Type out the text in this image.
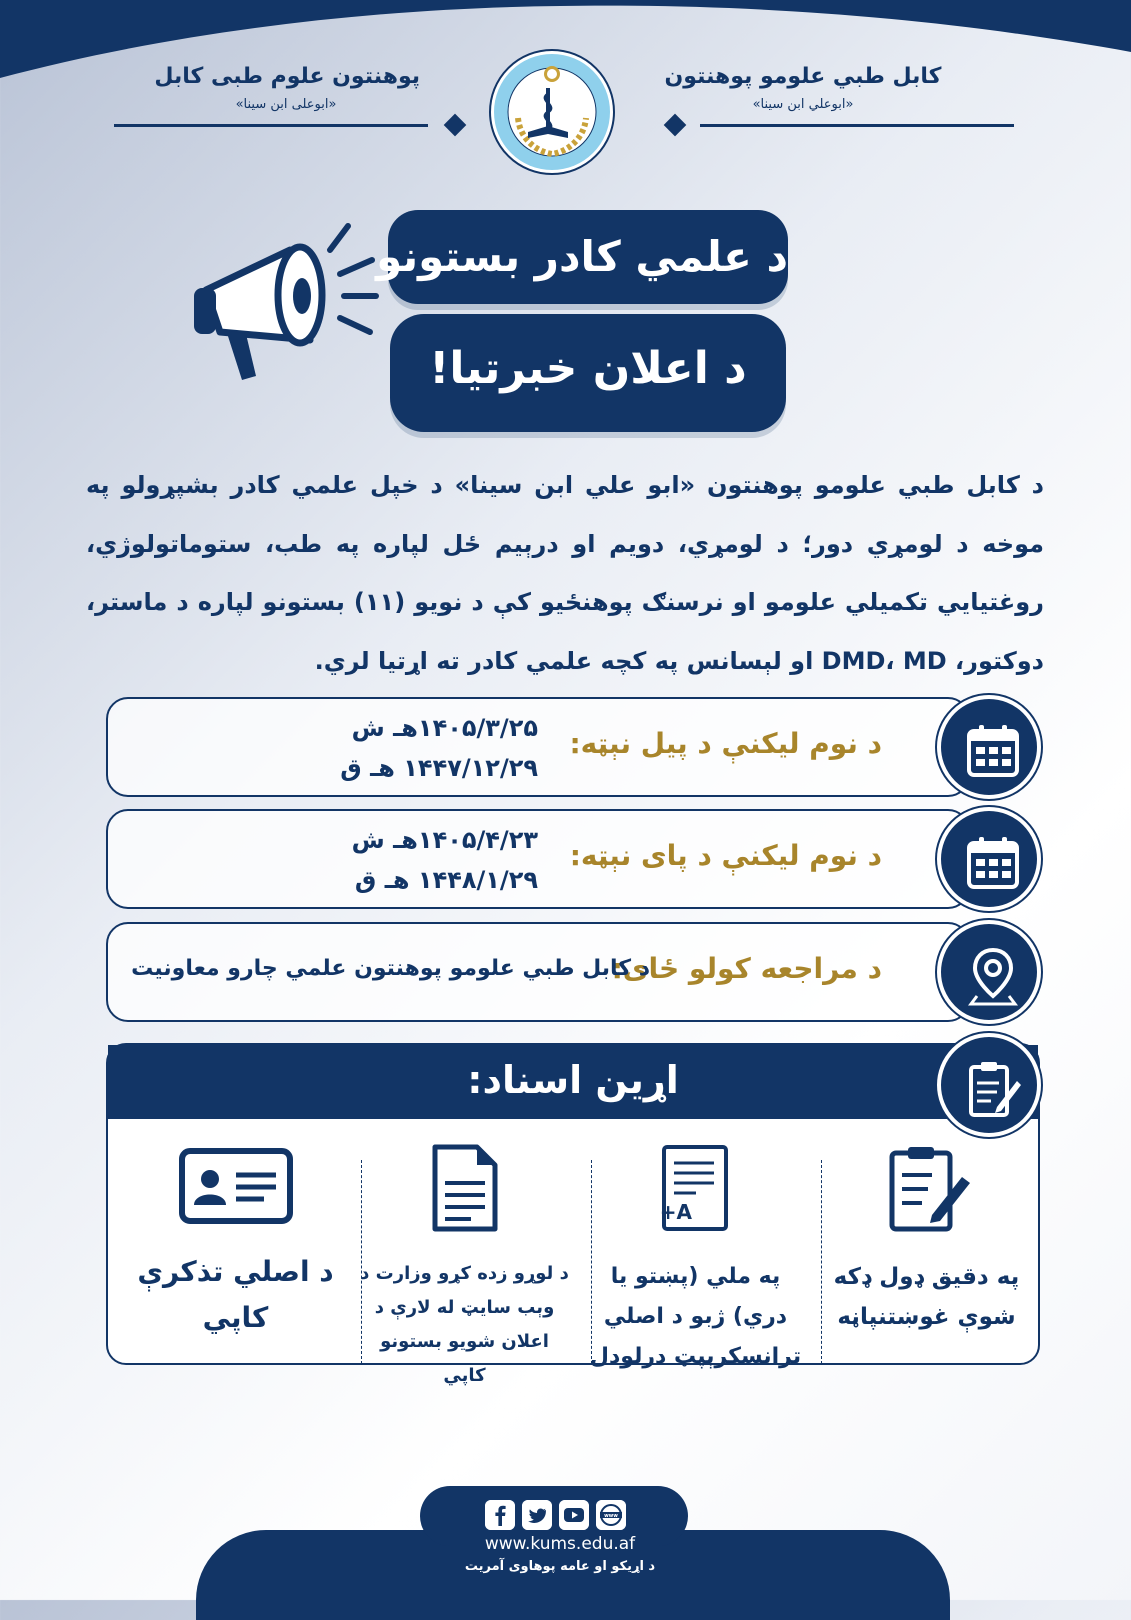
کابل طبي علومو پوهنتون
«ابوعلي ابن سينا»
پوهنتون علوم طبی کابل
«ابوعلی ابن سینا»
د علمي کادر بستونو
د اعلان خبرتیا!
د کابل طبي علومو پوهنتون «ابو علي ابن سينا» د خپل علمي کادر بشپړولو په موخه د لومړي دور؛ د لومړي، دويم او درېيم ځل لپاره په طب، ستوماتولوژي، روغتيايي تکميلي علومو او نرسنګ پوهنځيو کې د نويو (۱۱) بستونو لپاره د ماستر، دوکتور، DMD، MD او لېسانس په کچه علمي کادر ته اړتيا لري.
د نوم لیکنې د پیل نېټه:
۱۴۰۵/۳/۲۵هـ ش
۱۴۴۷/۱۲/۲۹ هـ ق
د نوم لیکنې د پای نېټه:
۱۴۰۵/۴/۲۳هـ ش
۱۴۴۸/۱/۲۹ هـ ق
د مراجعه کولو ځای:
د کابل طبي علومو پوهنتون علمي چارو معاونيت
اړین اسناد:
په دقیق ډول ډکه شوې غوښتنپاڼه
A+
په ملي (پښتو یا دري) ژبو د اصلي ترانسکرېپټ درلودل
د لوړو زده کړو وزارت د وېب سایټ له لارې د اعلان شویو بستونو کاپي
د اصلي تذکرې کاپي
www
www.kums.edu.af
د اړیکو او عامه پوهاوی آمریت
